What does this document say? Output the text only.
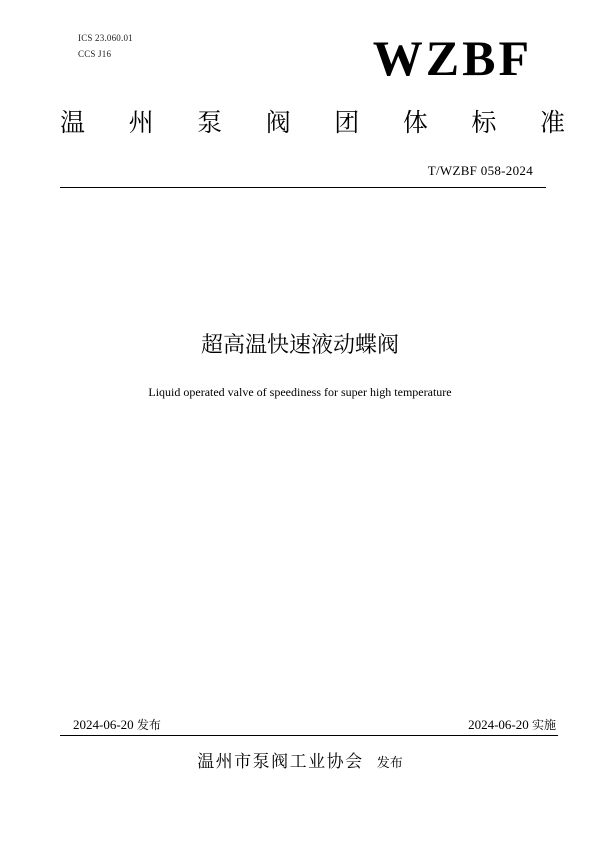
ICS 23.060.01
CCS J16	WZBF
温 州 泵 阀 团 体 标 准
T/WZBF 058-2024
超高温快速液动蝶阀
Liquid operated valve of speediness for super high temperature
2024-06-20 发布	2024-06-20 实施
温州市泵阀工业协会 发布
